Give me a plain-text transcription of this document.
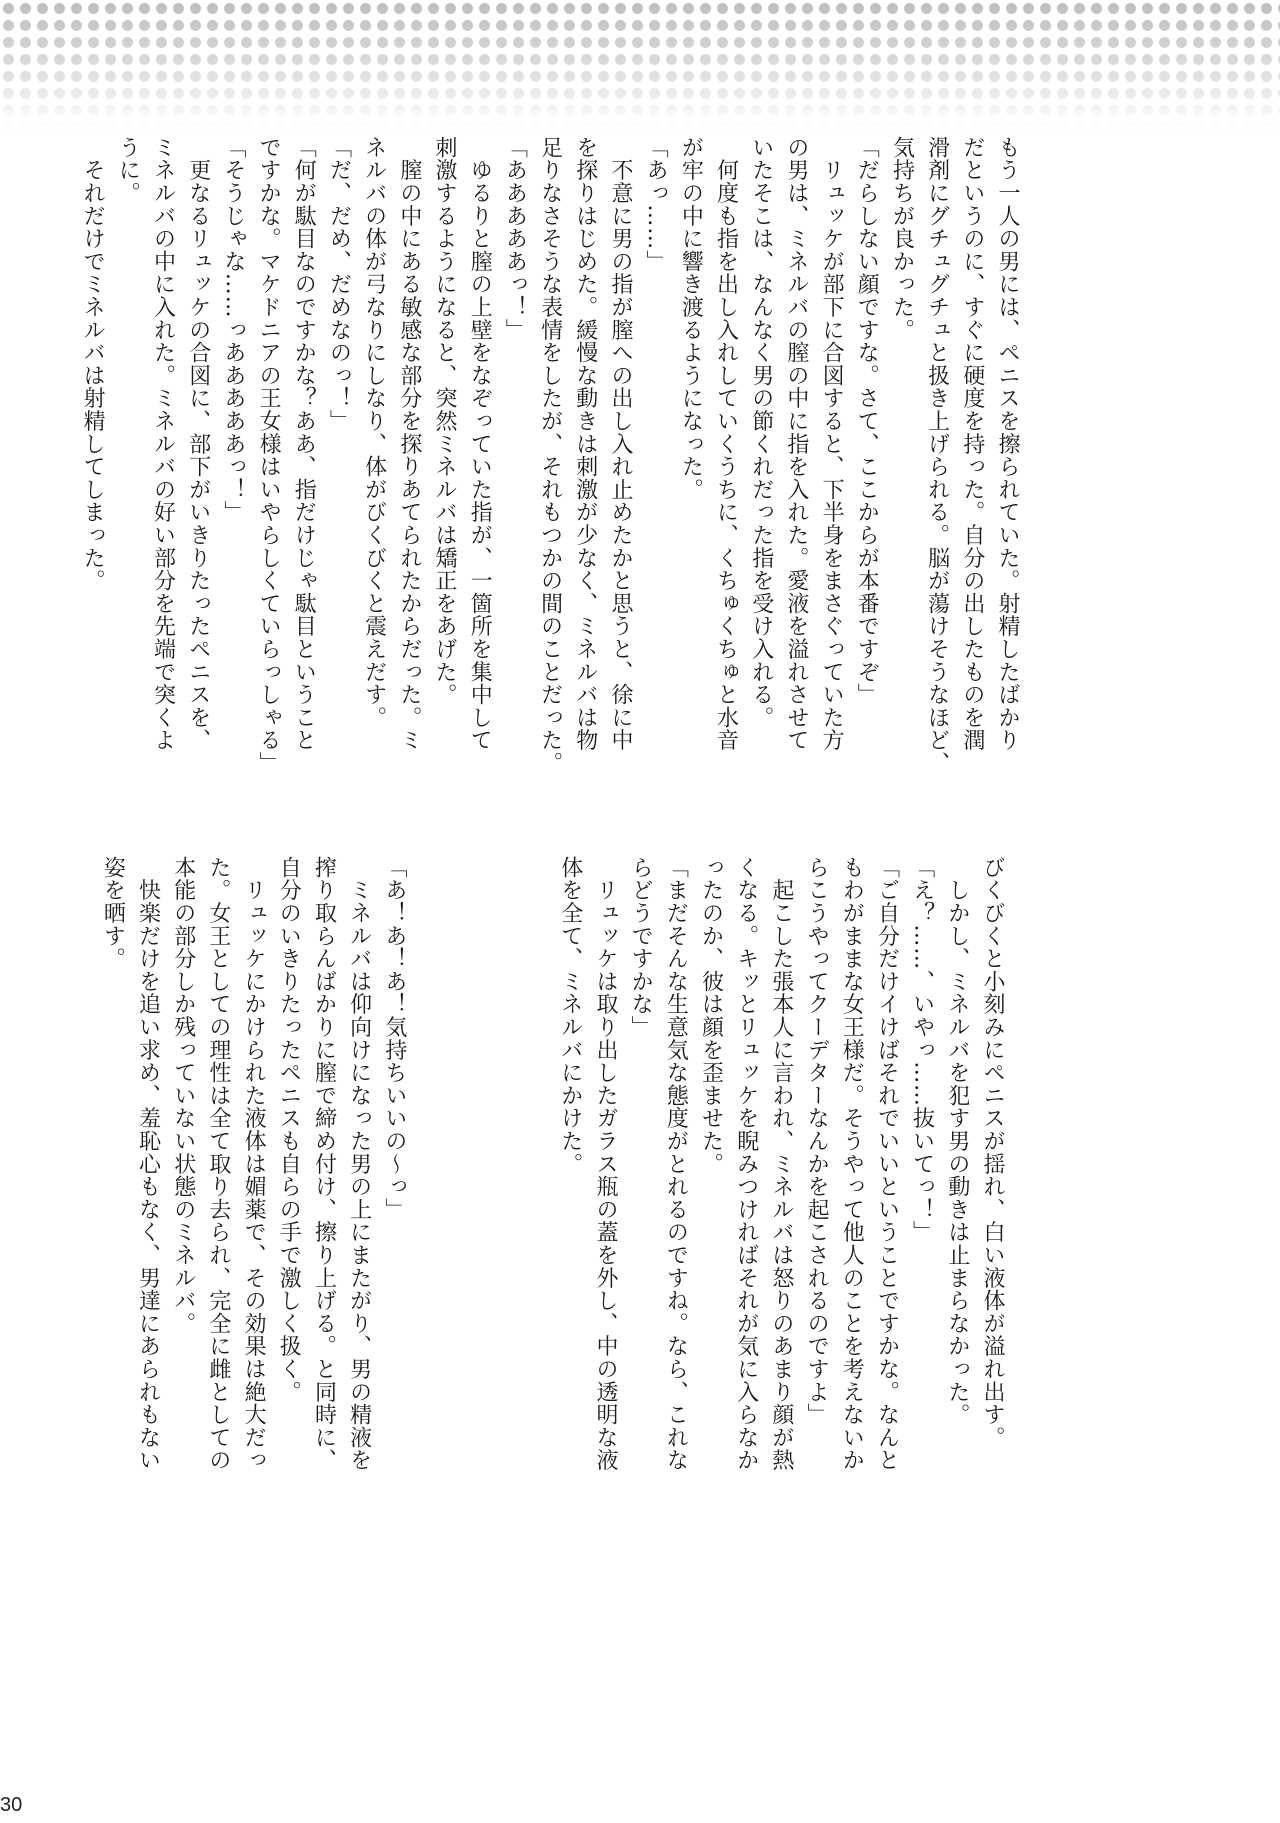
もう一人の男には、ペニスを擦られていた。射精したばかり
だというのに、すぐに硬度を持った。自分の出したものを潤
滑剤にグチュグチュと扱き上げられる。脳が蕩けそうなほど、
気持ちが良かった。
「だらしない顔ですな。さて、ここからが本番ですぞ」
　リュッケが部下に合図すると、下半身をまさぐっていた方
の男は、ミネルバの膣の中に指を入れた。愛液を溢れさせて
いたそこは、なんなく男の節くれだった指を受け入れる。
　何度も指を出し入れしていくうちに、くちゅくちゅと水音
が牢の中に響き渡るようになった。
「あっ……」
　不意に男の指が膣への出し入れ止めたかと思うと、徐に中
を探りはじめた。緩慢な動きは刺激が少なく、ミネルバは物
足りなさそうな表情をしたが、それもつかの間のことだった。
「あああああっ！」
　ゆるりと膣の上壁をなぞっていた指が、一箇所を集中して
刺激するようになると、突然ミネルバは矯正をあげた。
　膣の中にある敏感な部分を探りあてられたからだった。ミ
ネルバの体が弓なりにしなり、体がびくびくと震えだす。
「だ、だめ、だめなのっ！」
「何が駄目なのですかな？ああ、指だけじゃ駄目ということ
ですかな。マケドニアの王女様はいやらしくていらっしゃる」
「そうじゃな……っあああああっ！」
　更なるリュッケの合図に、部下がいきりたったペニスを、
ミネルバの中に入れた。ミネルバの好い部分を先端で突くよ
うに。
　それだけでミネルバは射精してしまった。
びくびくと小刻みにペニスが揺れ、白い液体が溢れ出す。
　しかし、ミネルバを犯す男の動きは止まらなかった。
「え？……、いやっ……抜いてっ！」
「ご自分だけイけばそれでいいということですかな。なんと
もわがままな女王様だ。そうやって他人のことを考えないか
らこうやってクーデターなんかを起こされるのですよ」
　起こした張本人に言われ、ミネルバは怒りのあまり顔が熱
くなる。キッとリュッケを睨みつければそれが気に入らなか
ったのか、彼は顔を歪ませた。
「まだそんな生意気な態度がとれるのですね。なら、これな
らどうですかな」
　リュッケは取り出したガラス瓶の蓋を外し、中の透明な液
体を全て、ミネルバにかけた。
「あ！あ！あ！気持ちいいの〜っ」
　ミネルバは仰向けになった男の上にまたがり、男の精液を
搾り取らんばかりに膣で締め付け、擦り上げる。と同時に、
自分のいきりたったペニスも自らの手で激しく扱く。
　リュッケにかけられた液体は媚薬で、その効果は絶大だっ
た。女王としての理性は全て取り去られ、完全に雌としての
本能の部分しか残っていない状態のミネルバ。
　快楽だけを追い求め、羞恥心もなく、男達にあられもない
姿を晒す。
30
